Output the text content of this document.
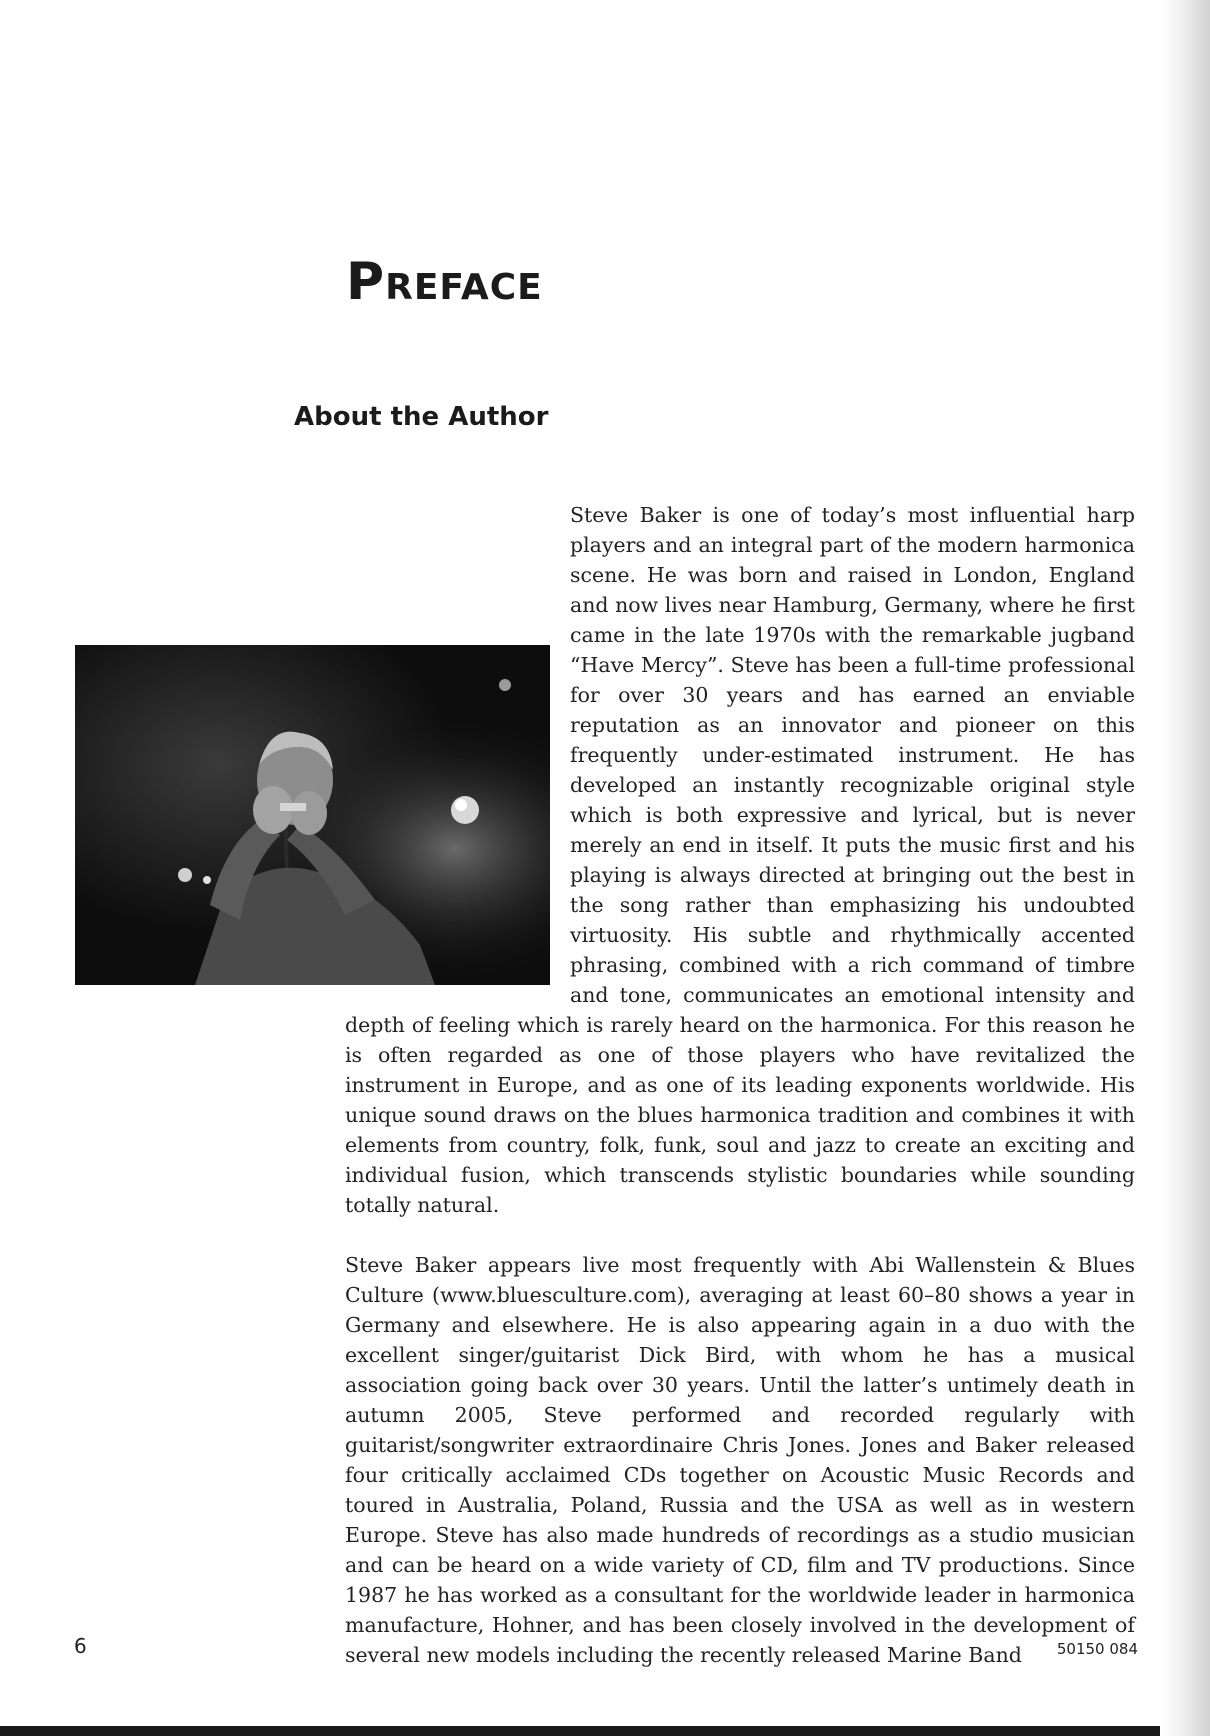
Preface
About the Author

Steve Baker is one of today’s most influential harp players and an integral part of the modern harmonica scene. He was born and raised in London, England and now lives near Hamburg, Germany, where he first came in the late 1970s with the remarkable jugband “Have Mercy”. Steve has been a full-time professional for over 30 years and has earned an enviable reputation as an innovator and pioneer on this frequently under-estimated instrument. He has developed an instantly recognizable original style which is both expressive and lyrical, but is never merely an end in itself. It puts the music first and his playing is always directed at bringing out the best in the song rather than emphasizing his undoubted virtuosity. His subtle and rhythmically accented phrasing, combined with a rich command of timbre and tone, communicates an emotional intensity and depth of feeling which is rarely heard on the harmonica. For this reason he is often regarded as one of those players who have revitalized the instrument in Europe, and as one of its leading exponents worldwide. His unique sound draws on the blues harmonica tradition and combines it with elements from country, folk, funk, soul and jazz to create an exciting and individual fusion, which transcends stylistic boundaries while sounding totally natural.

Steve Baker appears live most frequently with Abi Wallenstein & Blues Culture (www.bluesculture.com), averaging at least 60–80 shows a year in Germany and elsewhere. He is also appearing again in a duo with the excellent singer/guitarist Dick Bird, with whom he has a musical association going back over 30 years. Until the latter’s untimely death in autumn 2005, Steve performed and recorded regularly with guitarist/songwriter extraordinaire Chris Jones. Jones and Baker released four critically acclaimed CDs together on Acoustic Music Records and toured in Australia, Poland, Russia and the USA as well as in western Europe. Steve has also made hundreds of recordings as a studio musician and can be heard on a wide variety of CD, film and TV productions. Since 1987 he has worked as a consultant for the worldwide leader in harmonica manufacture, Hohner, and has been closely involved in the development of several new models including the recently released Marine Band

6	50150 084
